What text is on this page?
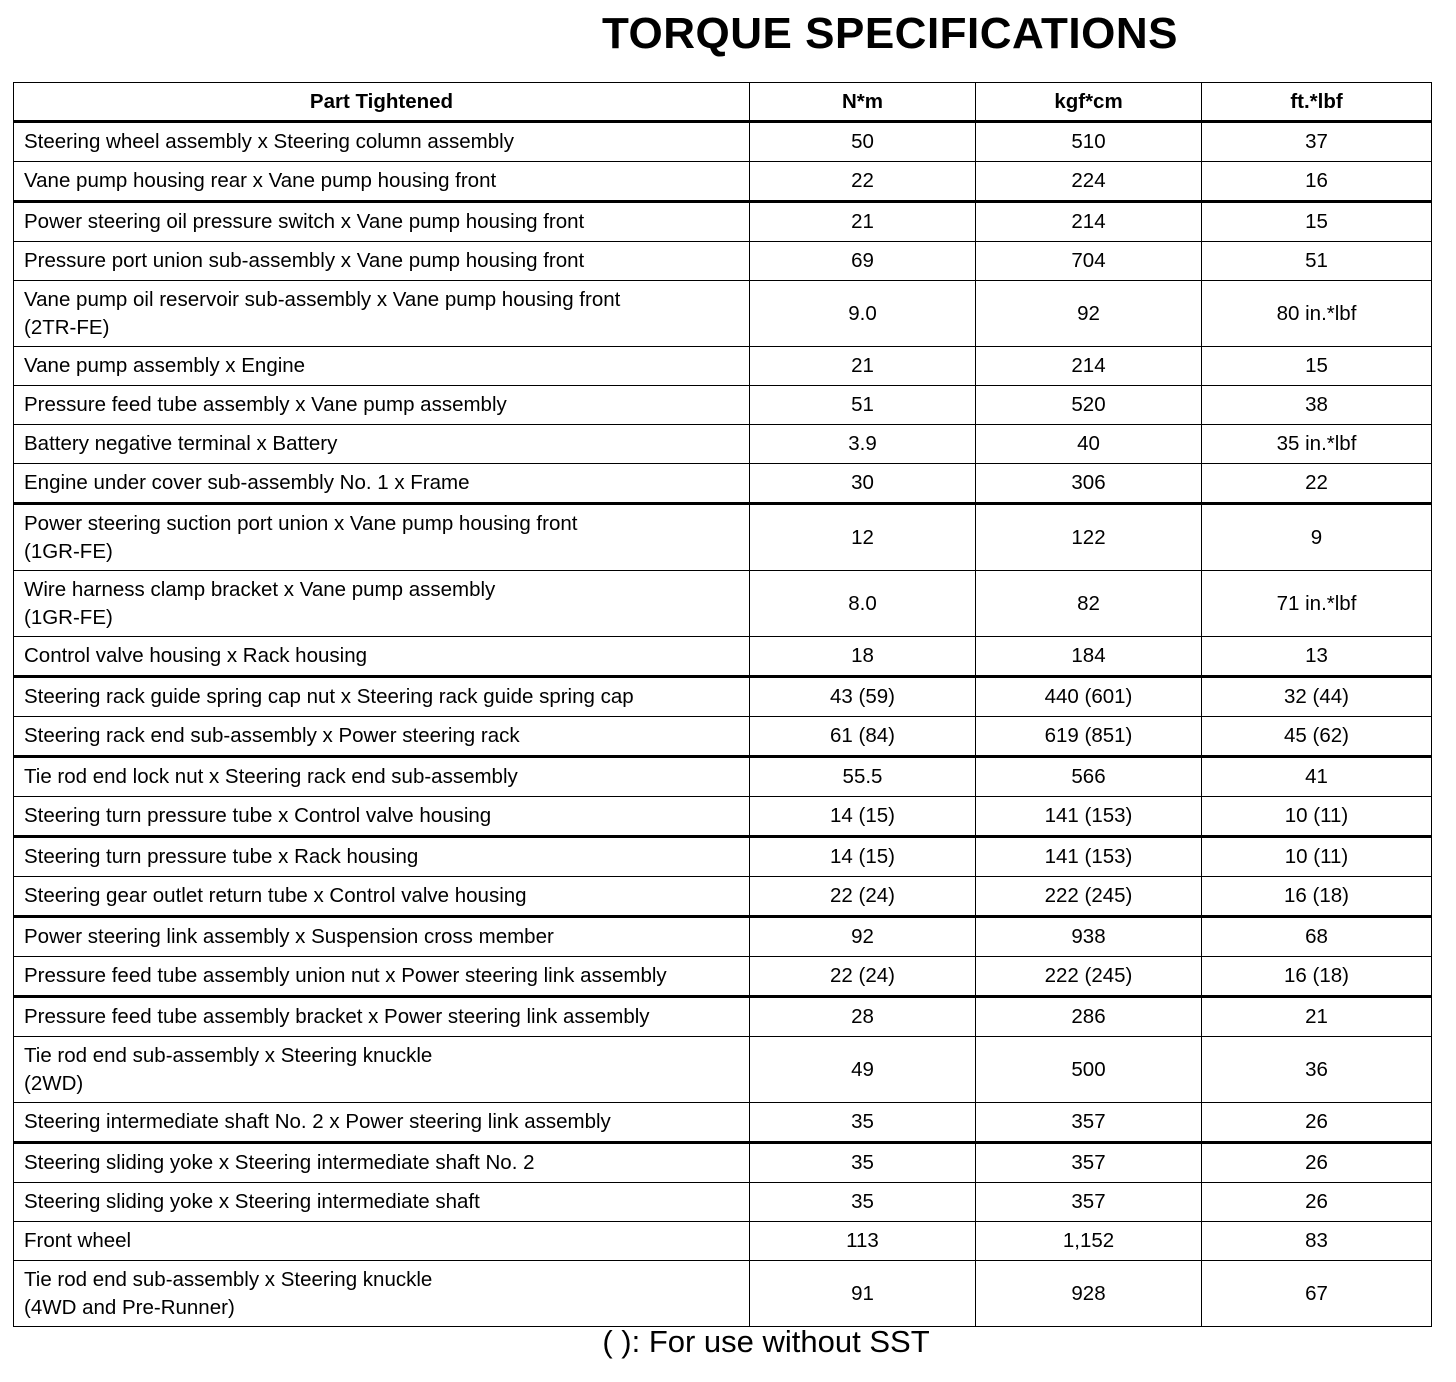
TORQUE SPECIFICATIONS
Part Tightened	N*m	kgf*cm	ft.*lbf
Steering wheel assembly x Steering column assembly	50	510	37
Vane pump housing rear x Vane pump housing front	22	224	16
Power steering oil pressure switch x Vane pump housing front	21	214	15
Pressure port union sub-assembly x Vane pump housing front	69	704	51
Vane pump oil reservoir sub-assembly x Vane pump housing front
(2TR-FE)	9.0	92	80 in.*lbf
Vane pump assembly x Engine	21	214	15
Pressure feed tube assembly x Vane pump assembly	51	520	38
Battery negative terminal x Battery	3.9	40	35 in.*lbf
Engine under cover sub-assembly No. 1 x Frame	30	306	22
Power steering suction port union x Vane pump housing front
(1GR-FE)	12	122	9
Wire harness clamp bracket x Vane pump assembly
(1GR-FE)	8.0	82	71 in.*lbf
Control valve housing x Rack housing	18	184	13
Steering rack guide spring cap nut x Steering rack guide spring cap	43 (59)	440 (601)	32 (44)
Steering rack end sub-assembly x Power steering rack	61 (84)	619 (851)	45 (62)
Tie rod end lock nut x Steering rack end sub-assembly	55.5	566	41
Steering turn pressure tube x Control valve housing	14 (15)	141 (153)	10 (11)
Steering turn pressure tube x Rack housing	14 (15)	141 (153)	10 (11)
Steering gear outlet return tube x Control valve housing	22 (24)	222 (245)	16 (18)
Power steering link assembly x Suspension cross member	92	938	68
Pressure feed tube assembly union nut x Power steering link assembly	22 (24)	222 (245)	16 (18)
Pressure feed tube assembly bracket x Power steering link assembly	28	286	21
Tie rod end sub-assembly x Steering knuckle
(2WD)	49	500	36
Steering intermediate shaft No. 2 x Power steering link assembly	35	357	26
Steering sliding yoke x Steering intermediate shaft No. 2	35	357	26
Steering sliding yoke x Steering intermediate shaft	35	357	26
Front wheel	113	1,152	83
Tie rod end sub-assembly x Steering knuckle
(4WD and Pre-Runner)	91	928	67
( ): For use without SST
